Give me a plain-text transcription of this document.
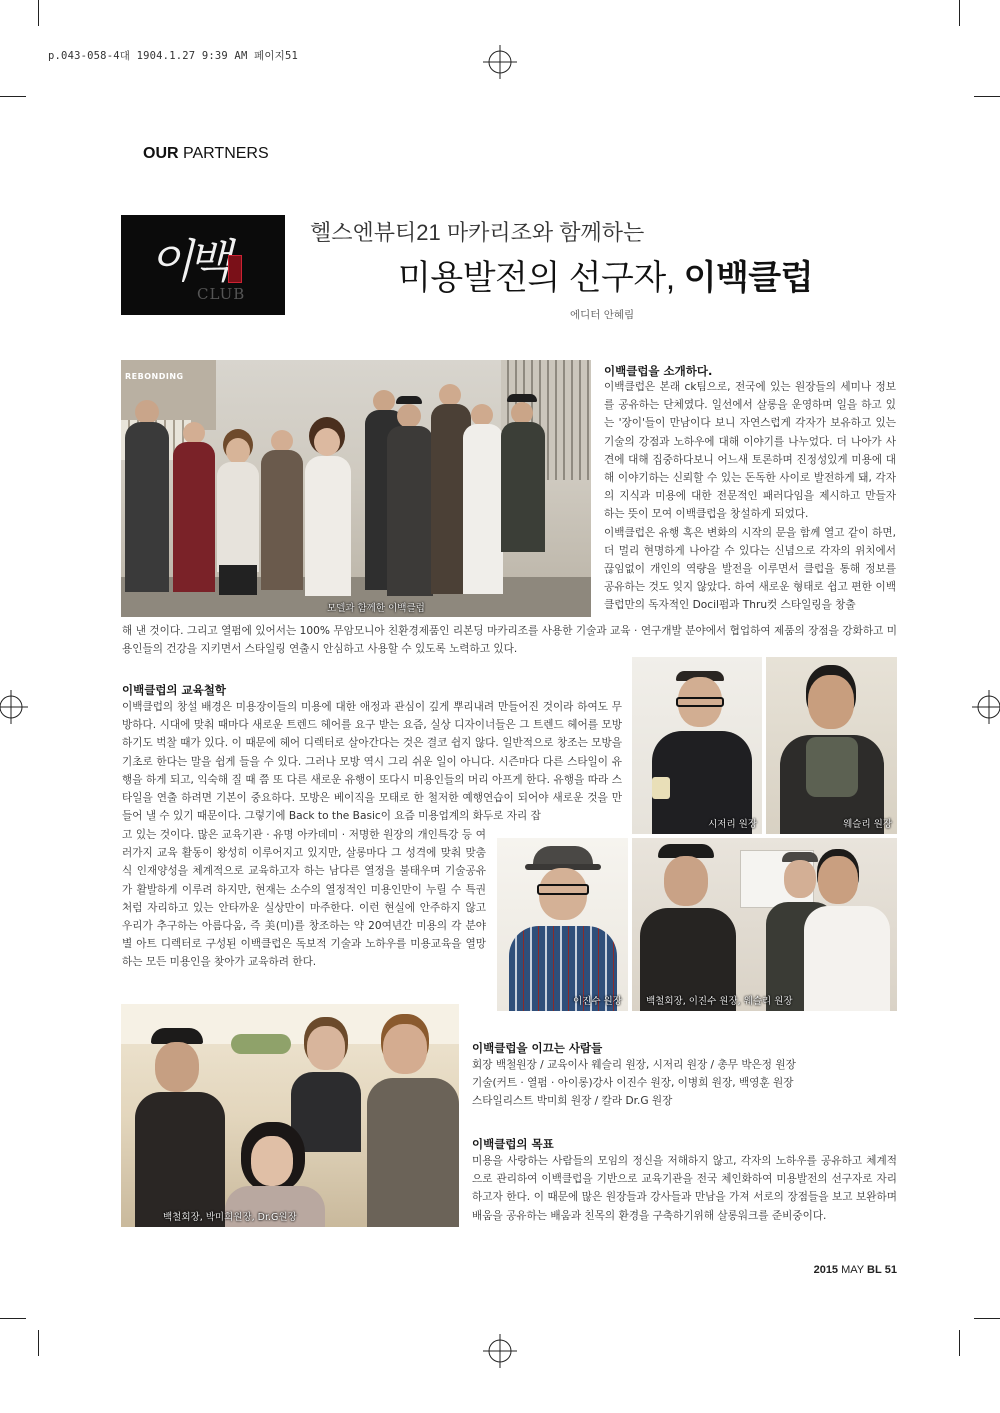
p.043-058-4대 1904.1.27 9:39 AM 페이지51
OUR PARTNERS
이백
CLUB
헬스엔뷰티21 마카리조와 함께하는
미용발전의 선구자, 이백클럽
에디터 안혜림
REBONDING
모델과 함께한 이백클럽
이백클럽을 소개하다.

이백클럽은 본래 ck팀으로, 전국에 있는 원장들의 세미나 정보를 공유하는 단체였다. 일선에서 살롱을 운영하며 일을 하고 있는 '장이'들이 만남이다 보니 자연스럽게 각자가 보유하고 있는 기술의 강점과 노하우에 대해 이야기를 나누었다. 더 나아가 사견에 대해 집중하다보니 어느새 토론하며 진정성있게 미용에 대해 이야기하는 신뢰할 수 있는 돈독한 사이로 발전하게 돼, 각자의 지식과 미용에 대한 전문적인 패러다임을 제시하고 만들자 하는 뜻이 모여 이백클럽을 창설하게 되었다.

이백클럽은 유행 혹은 변화의 시작의 문을 함께 열고 같이 하면, 더 멀리 현명하게 나아갈 수 있다는 신념으로 각자의 위치에서 끊임없이 개인의 역량을 발전을 이루면서 클럽을 통해 정보를 공유하는 것도 잊지 않았다. 하여 새로운 형태로 쉽고 편한 이백클럽만의 독자적인 Docil펌과 Thru컷 스타일링을 창출

해 낸 것이다. 그리고 열펌에 있어서는 100% 무암모니아 친환경제품인 리본딩 마카리조를 사용한 기술과 교육 · 연구개발 분야에서 협업하여 제품의 장점을 강화하고 미용인들의 건강을 지키면서 스타일링 연출시 안심하고 사용할 수 있도록 노력하고 있다.
이백클럽의 교육철학
이백클럽의 창설 배경은 미용장이들의 미용에 대한 애정과 관심이 깊게 뿌리내려 만들어진 것이라 하여도 무방하다. 시대에 맞춰 때마다 새로운 트렌드 헤어를 요구 받는 요즘, 실상 디자이너들은 그 트렌드 헤어를 모방하기도 벅찰 때가 있다. 이 때문에 헤어 디렉터로 살아간다는 것은 결코 쉽지 않다. 일반적으로 창조는 모방을 기초로 한다는 말을 쉽게 들을 수 있다. 그러나 모방 역시 그리 쉬운 일이 아니다. 시즌마다 다른 스타일이 유행을 하게 되고, 익숙해 질 때 쯤 또 다른 새로운 유행이 또다시 미용인들의 머리 아프게 한다. 유행을 따라 스타일을 연출 하려면 기본이 중요하다. 모방은 베이직을 모태로 한 철저한 예행연습이 되어야 새로운 것을 만들어 낼 수 있기 때문이다. 그렇기에 Back to the Basic이 요즘 미용업계의 화두로 자리 잡
고 있는 것이다. 많은 교육기관 · 유명 아카데미 · 저명한 원장의 개인특강 등 여러가지 교육 활동이 왕성히 이루어지고 있지만, 살롱마다 그 성격에 맞춰 맞춤식 인재양성을 체계적으로 교육하고자 하는 남다른 열정을 불태우며 기술공유가 활발하게 이루려 하지만, 현재는 소수의 열정적인 미용인만이 누릴 수 특권처럼 자리하고 있는 안타까운 실상만이 마주한다. 이런 현실에 안주하지 않고 우리가 추구하는 아름다움, 즉 美(미)를 창조하는 약 20여년간 미용의 각 분야별 아트 디렉터로 구성된 이백클럽은 독보적 기술과 노하우를 미용교육을 열망하는 모든 미용인을 찾아가 교육하려 한다.
시저리 원장	웨슬리 원장
이진수 원장	백철회장, 이진수 원장, 웨슬리 원장
백철회장, 박미희원장, Dr.G원장
이백클럽을 이끄는 사람들

회장 백철원장 / 교육이사 웨슬리 원장, 시저리 원장 / 총무 박은정 원장

기술(커트 · 열펌 · 아이롱)강사 이진수 원장, 이병희 원장, 백영훈 원장

스타일리스트 박미희 원장 / 칼라 Dr.G 원장

이백클럽의 목표
미용을 사랑하는 사람들의 모임의 정신을 저해하지 않고, 각자의 노하우를 공유하고 체계적으로 관리하여 이백클럽을 기반으로 교육기관을 전국 체인화하여 미용발전의 선구자로 자리하고자 한다. 이 때문에 많은 원장들과 강사들과 만남을 가져 서로의 장점들을 보고 보완하며 배움을 공유하는 배움과 친목의 환경을 구축하기위해 살롱워크를 준비중이다.
2015 MAY BL 51
